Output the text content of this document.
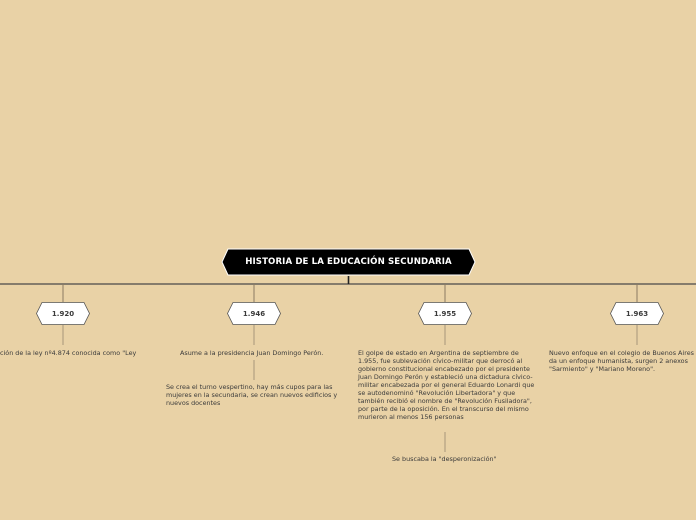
HISTORIA DE LA EDUCACIÓN SECUNDARIA
1.920	1.946	1.955	1.963
ción de la ley nº4.874 conocida como "Ley	Asume a la presidencia Juan Domingo Perón.
Se crea el turno vespertino, hay más cupos para las mujeres en la secundaria, se crean nuevos edificios y nuevos docentes
El golpe de estado en Argentina de septiembre de 1.955, fue sublevación cívico-militar que derrocó al gobierno constitucional encabezado por el presidente Juan Domingo Perón y estableció una dictadura cívico-militar encabezada por el general Eduardo Lonardi que se autodenominó "Revolución Libertadora" y que también recibió el nombre de "Revolución Fusiladora", por parte de la oposición. En el transcurso del mismo murieron al menos 156 personas
Se buscaba la "desperonización"
Nuevo enfoque en el colegio de Buenos Aires da un enfoque humanista, surgen 2 anexos "Sarmiento" y "Mariano Moreno".
